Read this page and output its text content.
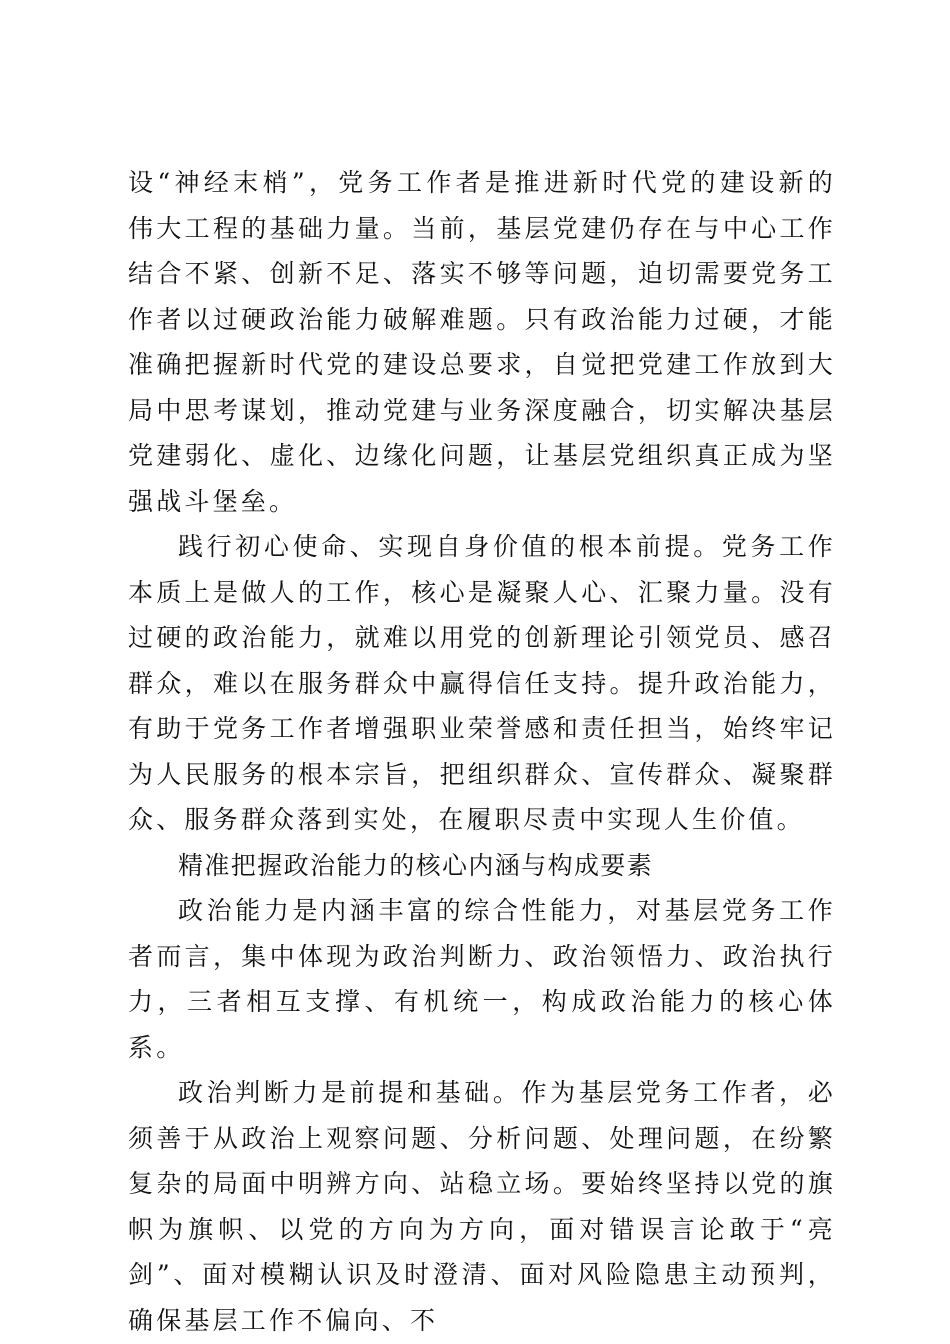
设“神经末梢”，党务工作者是推进新时代党的建设新的伟大工程的基础力量。当前，基层党建仍存在与中心工作结合不紧、创新不足、落实不够等问题，迫切需要党务工作者以过硬政治能力破解难题。只有政治能力过硬，才能准确把握新时代党的建设总要求，自觉把党建工作放到大局中思考谋划，推动党建与业务深度融合，切实解决基层党建弱化、虚化、边缘化问题，让基层党组织真正成为坚强战斗堡垒。

践行初心使命、实现自身价值的根本前提。党务工作本质上是做人的工作，核心是凝聚人心、汇聚力量。没有过硬的政治能力，就难以用党的创新理论引领党员、感召群众，难以在服务群众中赢得信任支持。提升政治能力，有助于党务工作者增强职业荣誉感和责任担当，始终牢记为人民服务的根本宗旨，把组织群众、宣传群众、凝聚群众、服务群众落到实处，在履职尽责中实现人生价值。

精准把握政治能力的核心内涵与构成要素

政治能力是内涵丰富的综合性能力，对基层党务工作者而言，集中体现为政治判断力、政治领悟力、政治执行力，三者相互支撑、有机统一，构成政治能力的核心体系。

政治判断力是前提和基础。作为基层党务工作者，必须善于从政治上观察问题、分析问题、处理问题，在纷繁复杂的局面中明辨方向、站稳立场。要始终坚持以党的旗帜为旗帜、以党的方向为方向，面对错误言论敢于“亮剑”、面对模糊认识及时澄清、面对风险隐患主动预判，确保基层工作不偏向、不
